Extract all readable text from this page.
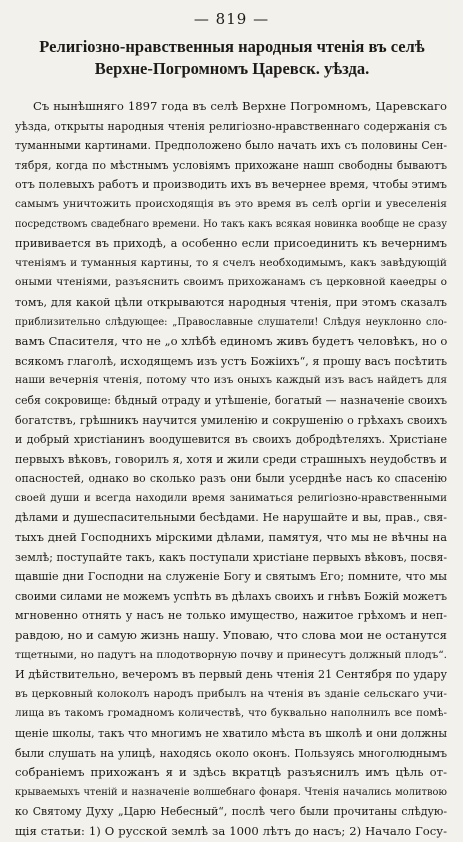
— 819 —
Религіозно-нравственныя народныя чтенія въ селѣ
Верхне-Погромномъ Царевск. уѣзда.
Съ нынѣшняго 1897 года въ селѣ Верхне Погромномъ, Царевскаго
уѣзда, открыты народныя чтенія религіозно-нравственнаго содержанія съ
туманными картинами. Предположено было начать ихъ съ половины Сен-
тября, когда по мѣстнымъ условіямъ прихожане нашп свободны бываютъ
отъ полевыхъ работъ и производить ихъ въ вечернее время, чтобы этимъ
самымъ уничтожить происходящія въ это время въ селѣ оргіи и увеселенія
посредствомъ свадебнаго времени. Но такъ какъ всякая новинка вообще не сразу
прививается въ приходѣ, а особенно если присоединить къ вечернимъ
чтеніямъ и туманныя картины, то я счелъ необходимымъ, какъ завѣдующій
оными чтеніями, разъяснить своимъ прихожанамъ съ церковной каѳедры о
томъ, для какой цѣли открываются народныя чтенія, при этомъ сказалъ
приблизительно слѣдующее: „Православные слушатели! Слѣдуя неуклонно сло-
вамъ Спасителя, что не „о хлѣбѣ единомъ живъ будетъ человѣкъ, но о
всякомъ глаголѣ, исходящемъ изъ устъ Божіихъ“, я прошу васъ посѣтить
наши вечернія чтенія, потому что изъ оныхъ каждый изъ васъ найдетъ для
себя сокровище: бѣдный отраду и утѣшеніе, богатый — назначеніе своихъ
богатствъ, грѣшникъ научится умиленію и сокрушенію о грѣхахъ своихъ
и добрый христіанинъ воодушевится въ своихъ добродѣтеляхъ. Христіане
первыхъ вѣковъ, говорилъ я, хотя и жили среди страшныхъ неудобствъ и
опасностей, однако во сколько разъ они были усерднѣе насъ ко спасенію
своей души и всегда находили время заниматься религіозно-нравственными
дѣлами и душеспасительными бесѣдами. Не нарушайте и вы, прав., свя-
тыхъ дней Господнихъ мірскими дѣлами, памятуя, что мы не вѣчны на
землѣ; поступайте такъ, какъ поступали христіане первыхъ вѣковъ, посвя-
щавшіе дни Господни на служеніе Богу и святымъ Его; помните, что мы
своими силами не можемъ успѣть въ дѣлахъ своихъ и гнѣвъ Божій можетъ
мгновенно отнять у насъ не только имущество, нажитое грѣхомъ и неп-
равдою, но и самую жизнь нашу. Уповаю, что слова мои не останутся
тщетными, но падутъ на плодотворную почву и принесутъ должный плодъ“.
И дѣйствительно, вечеромъ въ первый день чтенія 21 Сентября по удару
въ церковный колоколъ народъ прибылъ на чтенія въ зданіе сельскаго учи-
лища въ такомъ громадномъ количествѣ, что буквально наполнилъ все помѣ-
щеніе школы, такъ что многимъ не хватило мѣста въ школѣ и они должны
были слушать на улицѣ, находясь около оконъ. Пользуясь многолюднымъ
собраніемъ прихожанъ я и здѣсь вкратцѣ разъяснилъ имъ цѣль от-
крываемыхъ чтеній и назначеніе волшебнаго фонаря. Чтенія начались молитвою
ко Святому Духу „Царю Небесный“, послѣ чего были прочитаны слѣдую-
щія статьи: 1) О русской землѣ за 1000 лѣтъ до насъ; 2) Начало Госу-
